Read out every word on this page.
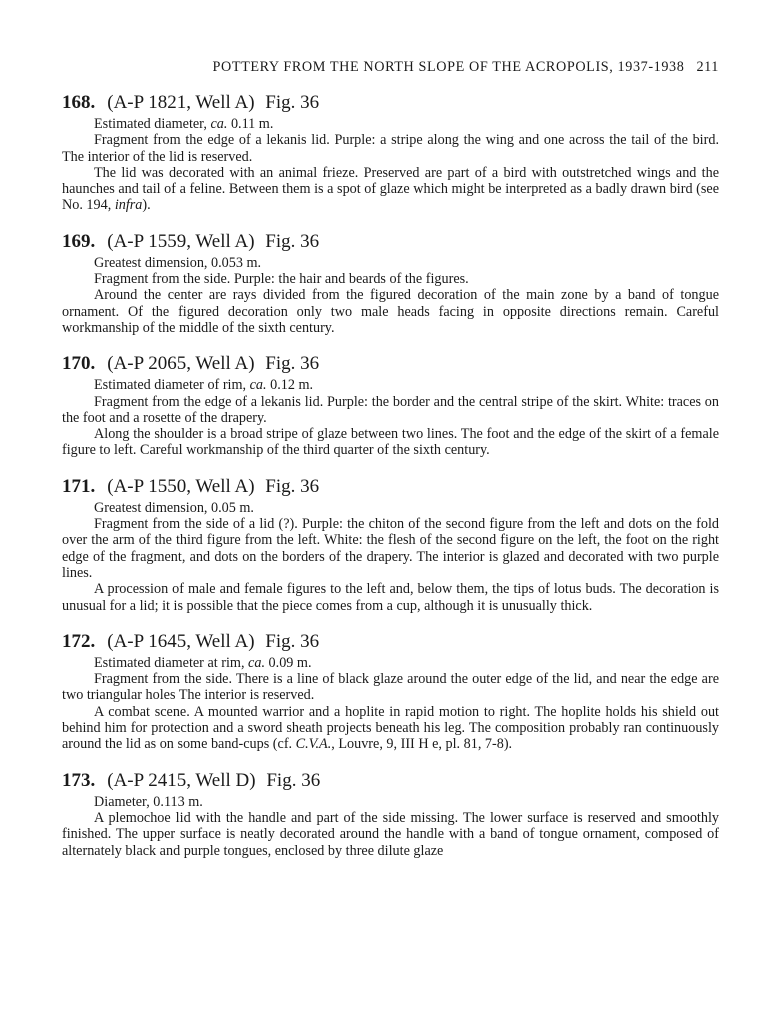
POTTERY FROM THE NORTH SLOPE OF THE ACROPOLIS, 1937-1938 211
168. (A-P 1821, Well A) Fig. 36

Estimated diameter, ca. 0.11 m.

Fragment from the edge of a lekanis lid. Purple: a stripe along the wing and one across the tail of the bird. The interior of the lid is reserved.

The lid was decorated with an animal frieze. Preserved are part of a bird with outstretched wings and the haunches and tail of a feline. Between them is a spot of glaze which might be interpreted as a badly drawn bird (see No. 194, infra).

169. (A-P 1559, Well A) Fig. 36

Greatest dimension, 0.053 m.

Fragment from the side. Purple: the hair and beards of the figures.

Around the center are rays divided from the figured decoration of the main zone by a band of tongue ornament. Of the figured decoration only two male heads facing in opposite directions remain. Careful workmanship of the middle of the sixth century.

170. (A-P 2065, Well A) Fig. 36

Estimated diameter of rim, ca. 0.12 m.

Fragment from the edge of a lekanis lid. Purple: the border and the central stripe of the skirt. White: traces on the foot and a rosette of the drapery.

Along the shoulder is a broad stripe of glaze between two lines. The foot and the edge of the skirt of a female figure to left. Careful workmanship of the third quarter of the sixth century.

171. (A-P 1550, Well A) Fig. 36

Greatest dimension, 0.05 m.

Fragment from the side of a lid (?). Purple: the chiton of the second figure from the left and dots on the fold over the arm of the third figure from the left. White: the flesh of the second figure on the left, the foot on the right edge of the fragment, and dots on the borders of the drapery. The interior is glazed and decorated with two purple lines.

A procession of male and female figures to the left and, below them, the tips of lotus buds. The decoration is unusual for a lid; it is possible that the piece comes from a cup, although it is unusually thick.

172. (A-P 1645, Well A) Fig. 36

Estimated diameter at rim, ca. 0.09 m.

Fragment from the side. There is a line of black glaze around the outer edge of the lid, and near the edge are two triangular holes The interior is reserved.

A combat scene. A mounted warrior and a hoplite in rapid motion to right. The hoplite holds his shield out behind him for protection and a sword sheath projects beneath his leg. The composition probably ran continuously around the lid as on some band-cups (cf. C.V.A., Louvre, 9, III H e, pl. 81, 7-8).

173. (A-P 2415, Well D) Fig. 36

Diameter, 0.113 m.

A plemochoe lid with the handle and part of the side missing. The lower surface is reserved and smoothly finished. The upper surface is neatly decorated around the handle with a band of tongue ornament, composed of alternately black and purple tongues, enclosed by three dilute glaze
